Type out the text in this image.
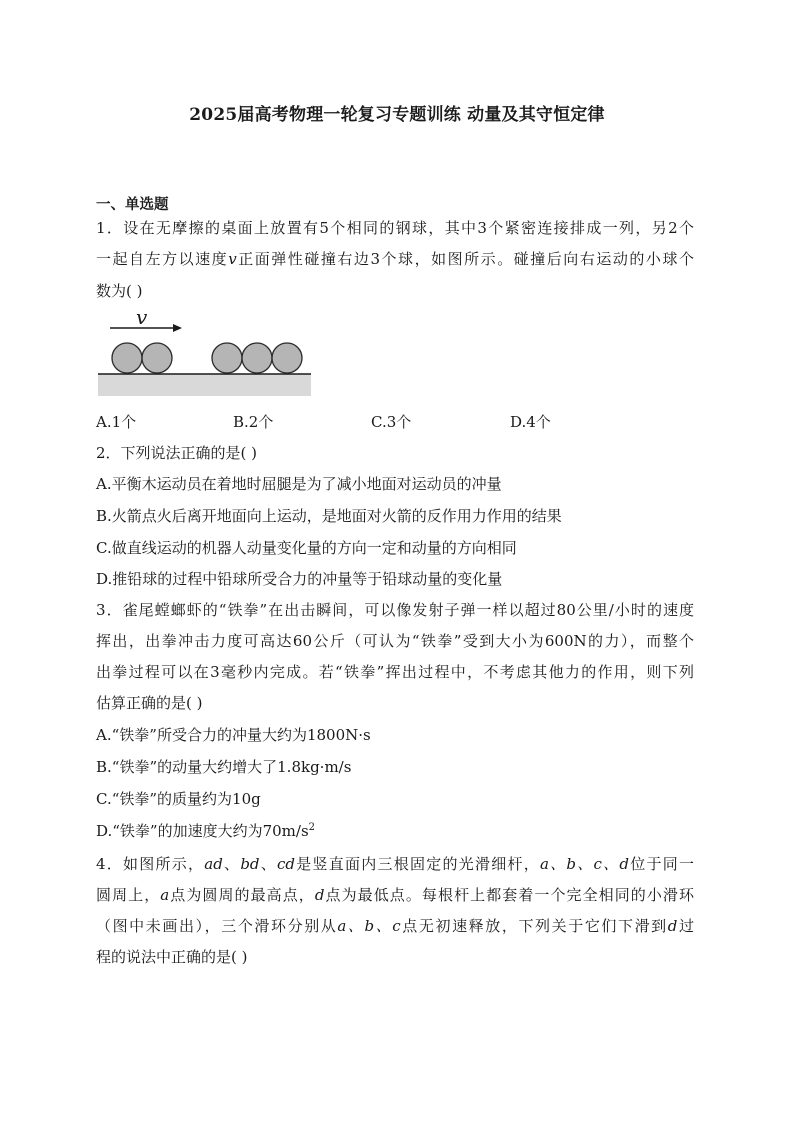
2025届高考物理一轮复习专题训练 动量及其守恒定律
一、单选题
1．设在无摩擦的桌面上放置有5个相同的钢球，其中3个紧密连接排成一列，另2个
一起自左方以速度v正面弹性碰撞右边3个球，如图所示。碰撞后向右运动的小球个
数为( )
v
A.1个	B.2个	C.3个	D.4个
2．下列说法正确的是( )
A.平衡木运动员在着地时屈腿是为了减小地面对运动员的冲量
B.火箭点火后离开地面向上运动，是地面对火箭的反作用力作用的结果
C.做直线运动的机器人动量变化量的方向一定和动量的方向相同
D.推铅球的过程中铅球所受合力的冲量等于铅球动量的变化量
3．雀尾螳螂虾的“铁拳”在出击瞬间，可以像发射子弹一样以超过80公里/小时的速度
挥出，出拳冲击力度可高达60公斤（可认为“铁拳”受到大小为600N的力），而整个
出拳过程可以在3毫秒内完成。若“铁拳”挥出过程中，不考虑其他力的作用，则下列
估算正确的是( )
A.“铁拳”所受合力的冲量大约为1800N·s
B.“铁拳”的动量大约增大了1.8kg·m/s
C.“铁拳”的质量约为10g
D.“铁拳”的加速度大约为$70m/s^2$
4．如图所示，ad、bd、cd是竖直面内三根固定的光滑细杆，a、b、c、d位于同一
圆周上，a点为圆周的最高点，d点为最低点。每根杆上都套着一个完全相同的小滑环
（图中未画出），三个滑环分别从a、b、c点无初速释放，下列关于它们下滑到d过
程的说法中正确的是( )
